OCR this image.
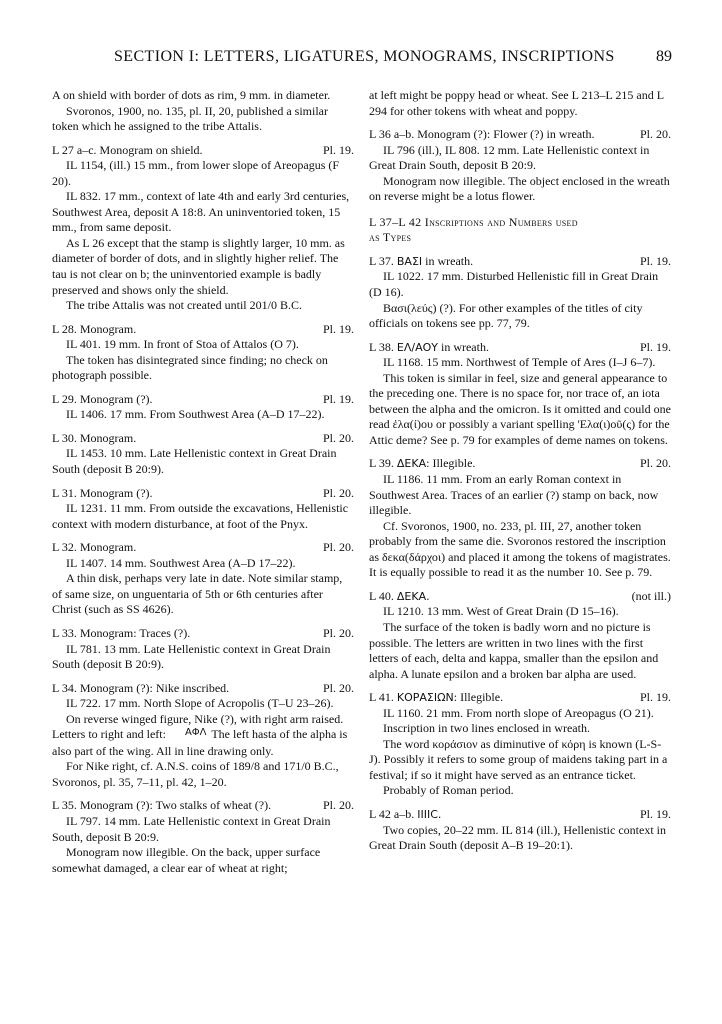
SECTION I: LETTERS, LIGATURES, MONOGRAMS, INSCRIPTIONS	89

A on shield with border of dots as rim, 9 mm. in diameter.

Svoronos, 1900, no. 135, pl. II, 20, published a similar token which he assigned to the tribe Attalis.

L 27 a–c. Monogram on shield.	Pl. 19.

IL 1154, (ill.) 15 mm., from lower slope of Areopagus (F 20).

IL 832. 17 mm., context of late 4th and early 3rd centuries, Southwest Area, deposit A 18:8. An uninventoried token, 15 mm., from same deposit.

As L 26 except that the stamp is slightly larger, 10 mm. as diameter of border of dots, and in slightly higher relief. The tau is not clear on b; the uninventoried example is badly preserved and shows only the shield.

The tribe Attalis was not created until 201/0 B.C.

L 28. Monogram.	Pl. 19.

IL 401. 19 mm. In front of Stoa of Attalos (O 7).

The token has disintegrated since finding; no check on photograph possible.

L 29. Monogram (?).	Pl. 19.

IL 1406. 17 mm. From Southwest Area (A–D 17–22).

L 30. Monogram.	Pl. 20.

IL 1453. 10 mm. Late Hellenistic context in Great Drain South (deposit B 20:9).

L 31. Monogram (?).	Pl. 20.

IL 1231. 11 mm. From outside the excavations, Hellenistic context with modern disturbance, at foot of the Pnyx.

L 32. Monogram.	Pl. 20.

IL 1407. 14 mm. Southwest Area (A–D 17–22).

A thin disk, perhaps very late in date. Note similar stamp, of same size, on unguentaria of 5th or 6th centuries after Christ (such as SS 4626).

L 33. Monogram: Traces (?).	Pl. 20.

IL 781. 13 mm. Late Hellenistic context in Great Drain South (deposit B 20:9).

L 34. Monogram (?): Nike inscribed.	Pl. 20.

IL 722. 17 mm. North Slope of Acropolis (T–U 23–26).

On reverse winged figure, Nike (?), with right arm raised. Letters to right and left: AΦΛ The left hasta of the alpha is also part of the wing. All in line drawing only.

For Nike right, cf. A.N.S. coins of 189/8 and 171/0 B.C., Svoronos, pl. 35, 7–11, pl. 42, 1–20.

L 35. Monogram (?): Two stalks of wheat (?).	Pl. 20.

IL 797. 14 mm. Late Hellenistic context in Great Drain South, deposit B 20:9.

Monogram now illegible. On the back, upper surface somewhat damaged, a clear ear of wheat at right;

at left might be poppy head or wheat. See L 213–L 215 and L 294 for other tokens with wheat and poppy.

L 36 a–b. Monogram (?): Flower (?) in wreath.	Pl. 20.

IL 796 (ill.), IL 808. 12 mm. Late Hellenistic context in Great Drain South, deposit B 20:9.

Monogram now illegible. The object enclosed in the wreath on reverse might be a lotus flower.

L 37–L 42 Inscriptions and Numbers used
as Types
L 37. ΒΑΣΙ in wreath.	Pl. 19.

IL 1022. 17 mm. Disturbed Hellenistic fill in Great Drain (D 16).

Βασι(λεύς) (?). For other examples of the titles of city officials on tokens see pp. 77, 79.

L 38. ΕΛ/ΑΟΥ in wreath.	Pl. 19.

IL 1168. 15 mm. Northwest of Temple of Ares (I–J 6–7).

This token is similar in feel, size and general appearance to the preceding one. There is no space for, nor trace of, an iota between the alpha and the omicron. Is it omitted and could one read ἐλα(ί)ου or possibly a variant spelling 'Ελα(ι)οῦ(ς) for the Attic deme? See p. 79 for examples of deme names on tokens.

L 39. ΔΕΚΑ: Illegible.	Pl. 20.

IL 1186. 11 mm. From an early Roman context in Southwest Area. Traces of an earlier (?) stamp on back, now illegible.

Cf. Svoronos, 1900, no. 233, pl. III, 27, another token probably from the same die. Svoronos restored the inscription as δεκα(δάρχοι) and placed it among the tokens of magistrates. It is equally possible to read it as the number 10. See p. 79.

L 40. ΔΕΚΑ.	(not ill.)

IL 1210. 13 mm. West of Great Drain (D 15–16).

The surface of the token is badly worn and no picture is possible. The letters are written in two lines with the first letters of each, delta and kappa, smaller than the epsilon and alpha. A lunate epsilon and a broken bar alpha are used.

L 41. ΚΟΡΑΣΙΩΝ: Illegible.	Pl. 19.

IL 1160. 21 mm. From north slope of Areopagus (O 21).

Inscription in two lines enclosed in wreath.

The word κοράσιον as diminutive of κόρη is known (L-S-J). Possibly it refers to some group of maidens taking part in a festival; if so it might have served as an entrance ticket.

Probably of Roman period.

L 42 a–b. IIIIC.	Pl. 19.

Two copies, 20–22 mm. IL 814 (ill.), Hellenistic context in Great Drain South (deposit A–B 19–20:1).
